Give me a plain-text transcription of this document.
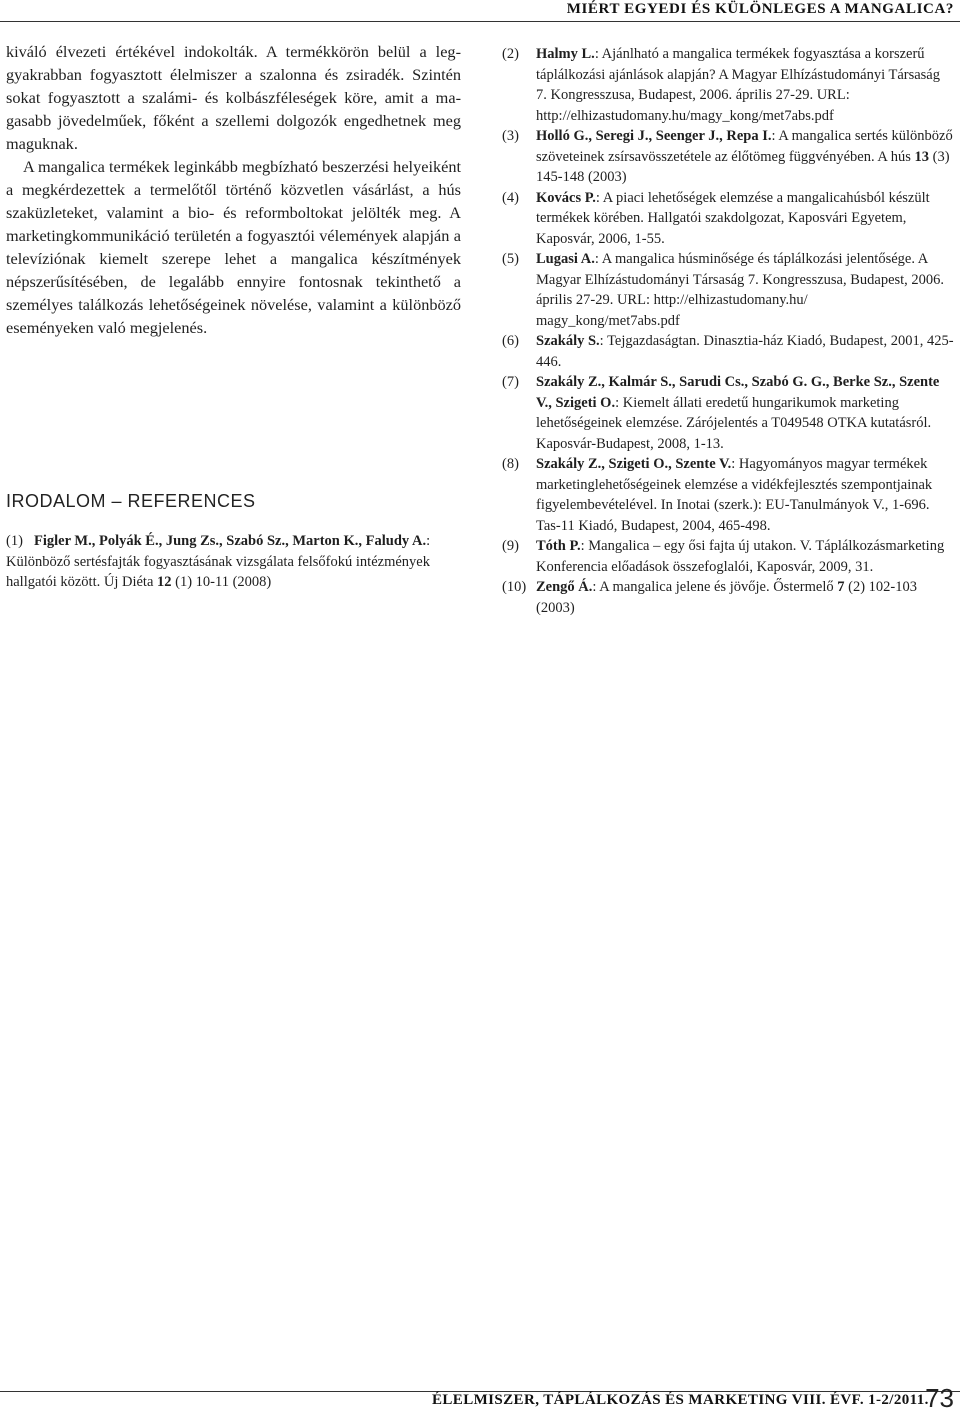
MIÉRT EGYEDI ÉS KÜLÖNLEGES A MANGALICA?

kiváló élvezeti értékével indokolták. A termékkörön belül a leggyakrabban fogyasztott élelmiszer a szalonna és zsiradék. Szintén sokat fogyasztott a szalámi- és kolbászféleségek köre, amit a magasabb jövedelműek, főként a szellemi dolgozók engedhetnek meg maguknak.

A mangalica termékek leginkább megbízható beszerzési helyeiként a megkérdezettek a termelőtől történő közvetlen vásárlást, a hús szaküzleteket, valamint a bio- és reformboltokat jelölték meg. A marketingkommunikáció területén a fogyasztói vélemények alapján a televíziónak kiemelt szerepe lehet a mangalica készítmények népszerűsítésében, de legalább ennyire fontosnak tekinthető a személyes találkozás lehetőségeinek növelése, valamint a különböző eseményeken való megjelenés.

IRODALOM – REFERENCES
(1) Figler M., Polyák É., Jung Zs., Szabó Sz., Marton K., Faludy A.: Különböző sertésfajták fogyasztásának vizsgálata felsőfokú intézmények hallgatói között. Új Diéta 12 (1) 10-11 (2008)
(2)	Halmy L.: Ajánlható a mangalica termékek fogyasztása a korszerű táplálkozási ajánlások alapján? A Magyar Elhízástudományi Társaság 7. Kongresszusa, Budapest, 2006. április 27-29. URL: http://elhizastudomany.hu/magy_kong/met7abs.pdf
(3)	Holló G., Seregi J., Seenger J., Repa I.: A mangalica sertés különböző szöveteinek zsírsavösszetétele az élőtömeg függvényében. A hús 13 (3) 145-148 (2003)
(4)	Kovács P.: A piaci lehetőségek elemzése a mangalicahúsból készült termékek körében. Hallgatói szakdolgozat, Kaposvári Egyetem, Kaposvár, 2006, 1-55.
(5)	Lugasi A.: A mangalica húsminősége és táplálkozási jelentősége. A Magyar Elhízástudományi Társaság 7. Kongresszusa, Budapest, 2006. április 27-29. URL: http://elhizastudomany.hu/ magy_kong/met7abs.pdf
(6)	Szakály S.: Tejgazdaságtan. Dinasztia-ház Kiadó, Budapest, 2001, 425-446.
(7)	Szakály Z., Kalmár S., Sarudi Cs., Szabó G. G., Berke Sz., Szente V., Szigeti O.: Kiemelt állati eredetű hungarikumok marketing lehetőségeinek elemzése. Zárójelentés a T049548 OTKA kutatásról. Kaposvár-Budapest, 2008, 1-13.
(8)	Szakály Z., Szigeti O., Szente V.: Hagyományos magyar termékek marketinglehetőségeinek elemzése a vidékfejlesztés szempontjainak figyelembevételével. In Inotai (szerk.): EU-Tanulmányok V., 1-696. Tas-11 Kiadó, Budapest, 2004, 465-498.
(9)	Tóth P.: Mangalica – egy ősi fajta új utakon. V. Táplálkozásmarketing Konferencia előadások összefoglalói, Kaposvár, 2009, 31.
(10) Zengő Á.: A mangalica jelene és jövője. Őstermelő 7 (2) 102-103 (2003)
ÉLELMISZER, TÁPLÁLKOZÁS ÉS MARKETING VIII. ÉVF. 1-2/2011.
73
